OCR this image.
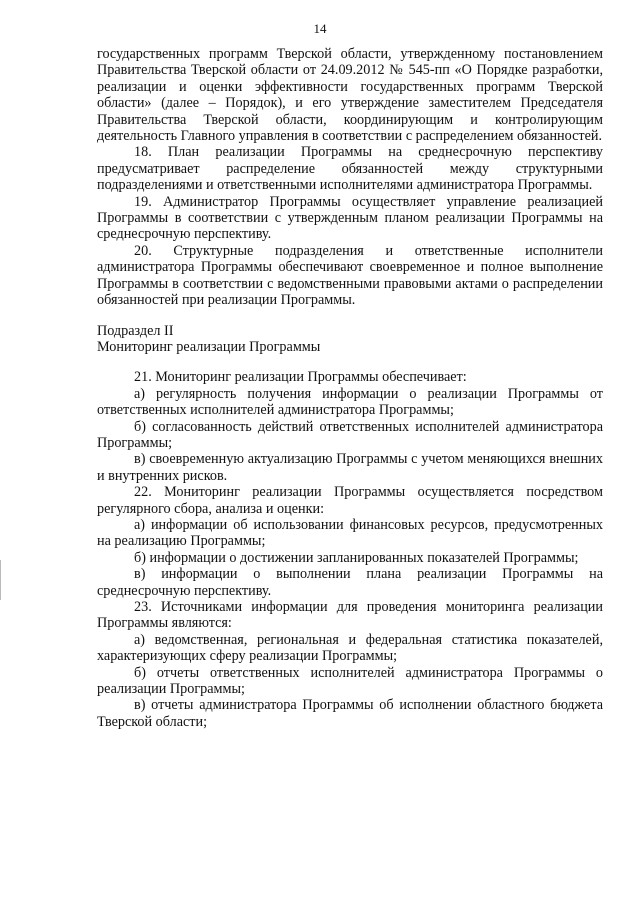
14

государственных программ Тверской области, утвержденному постановлением Правительства Тверской области от 24.09.2012 № 545-пп «О Порядке разработки, реализации и оценки эффективности государственных программ Тверской области» (далее – Порядок), и его утверждение заместителем Председателя Правительства Тверской области, координирующим и контролирующим деятельность Главного управления в соответствии с распределением обязанностей.

18. План реализации Программы на среднесрочную перспективу предусматривает распределение обязанностей между структурными подразделениями и ответственными исполнителями администратора Программы.

19. Администратор Программы осуществляет управление реализацией Программы в соответствии с утвержденным планом реализации Программы на среднесрочную перспективу.

20. Структурные подразделения и ответственные исполнители администратора Программы обеспечивают своевременное и полное выполнение Программы в соответствии с ведомственными правовыми актами о распределении обязанностей при реализации Программы.

Подраздел II

Мониторинг реализации Программы

21. Мониторинг реализации Программы обеспечивает:

а) регулярность получения информации о реализации Программы от ответственных исполнителей администратора Программы;

б) согласованность действий ответственных исполнителей администратора Программы;

в) своевременную актуализацию Программы с учетом меняющихся внешних и внутренних рисков.

22. Мониторинг реализации Программы осуществляется посредством регулярного сбора, анализа и оценки:

а) информации об использовании финансовых ресурсов, предусмотренных на реализацию Программы;

б) информации о достижении запланированных показателей Программы;

в) информации о выполнении плана реализации Программы на среднесрочную перспективу.

23. Источниками информации для проведения мониторинга реализации Программы являются:

а) ведомственная, региональная и федеральная статистика показателей, характеризующих сферу реализации Программы;

б) отчеты ответственных исполнителей администратора Программы о реализации Программы;

в) отчеты администратора Программы об исполнении областного бюджета Тверской области;
